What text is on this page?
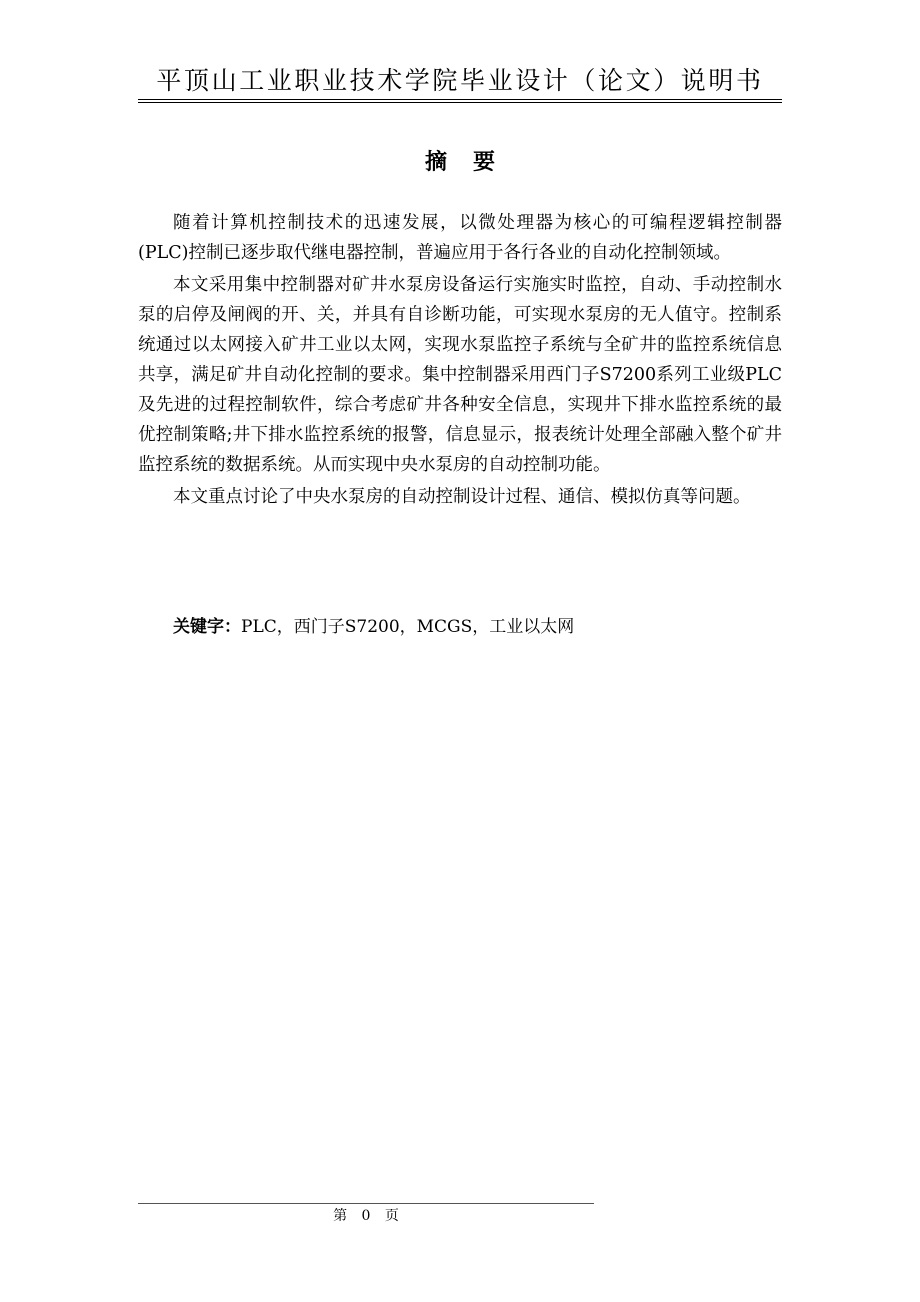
平顶山工业职业技术学院毕业设计（论文）说明书
摘要

随着计算机控制技术的迅速发展，以微处理器为核心的可编程逻辑控制器(PLC)控制已逐步取代继电器控制，普遍应用于各行各业的自动化控制领域。

本文采用集中控制器对矿井水泵房设备运行实施实时监控，自动、手动控制水泵的启停及闸阀的开、关，并具有自诊断功能，可实现水泵房的无人值守。控制系统通过以太网接入矿井工业以太网，实现水泵监控子系统与全矿井的监控系统信息共享，满足矿井自动化控制的要求。集中控制器采用西门子S7200系列工业级PLC及先进的过程控制软件，综合考虑矿井各种安全信息，实现井下排水监控系统的最优控制策略;井下排水监控系统的报警，信息显示，报表统计处理全部融入整个矿井监控系统的数据系统。从而实现中央水泵房的自动控制功能。

本文重点讨论了中央水泵房的自动控制设计过程、通信、模拟仿真等问题。

关键字：PLC，西门子S7200，MCGS，工业以太网
第 0 页
